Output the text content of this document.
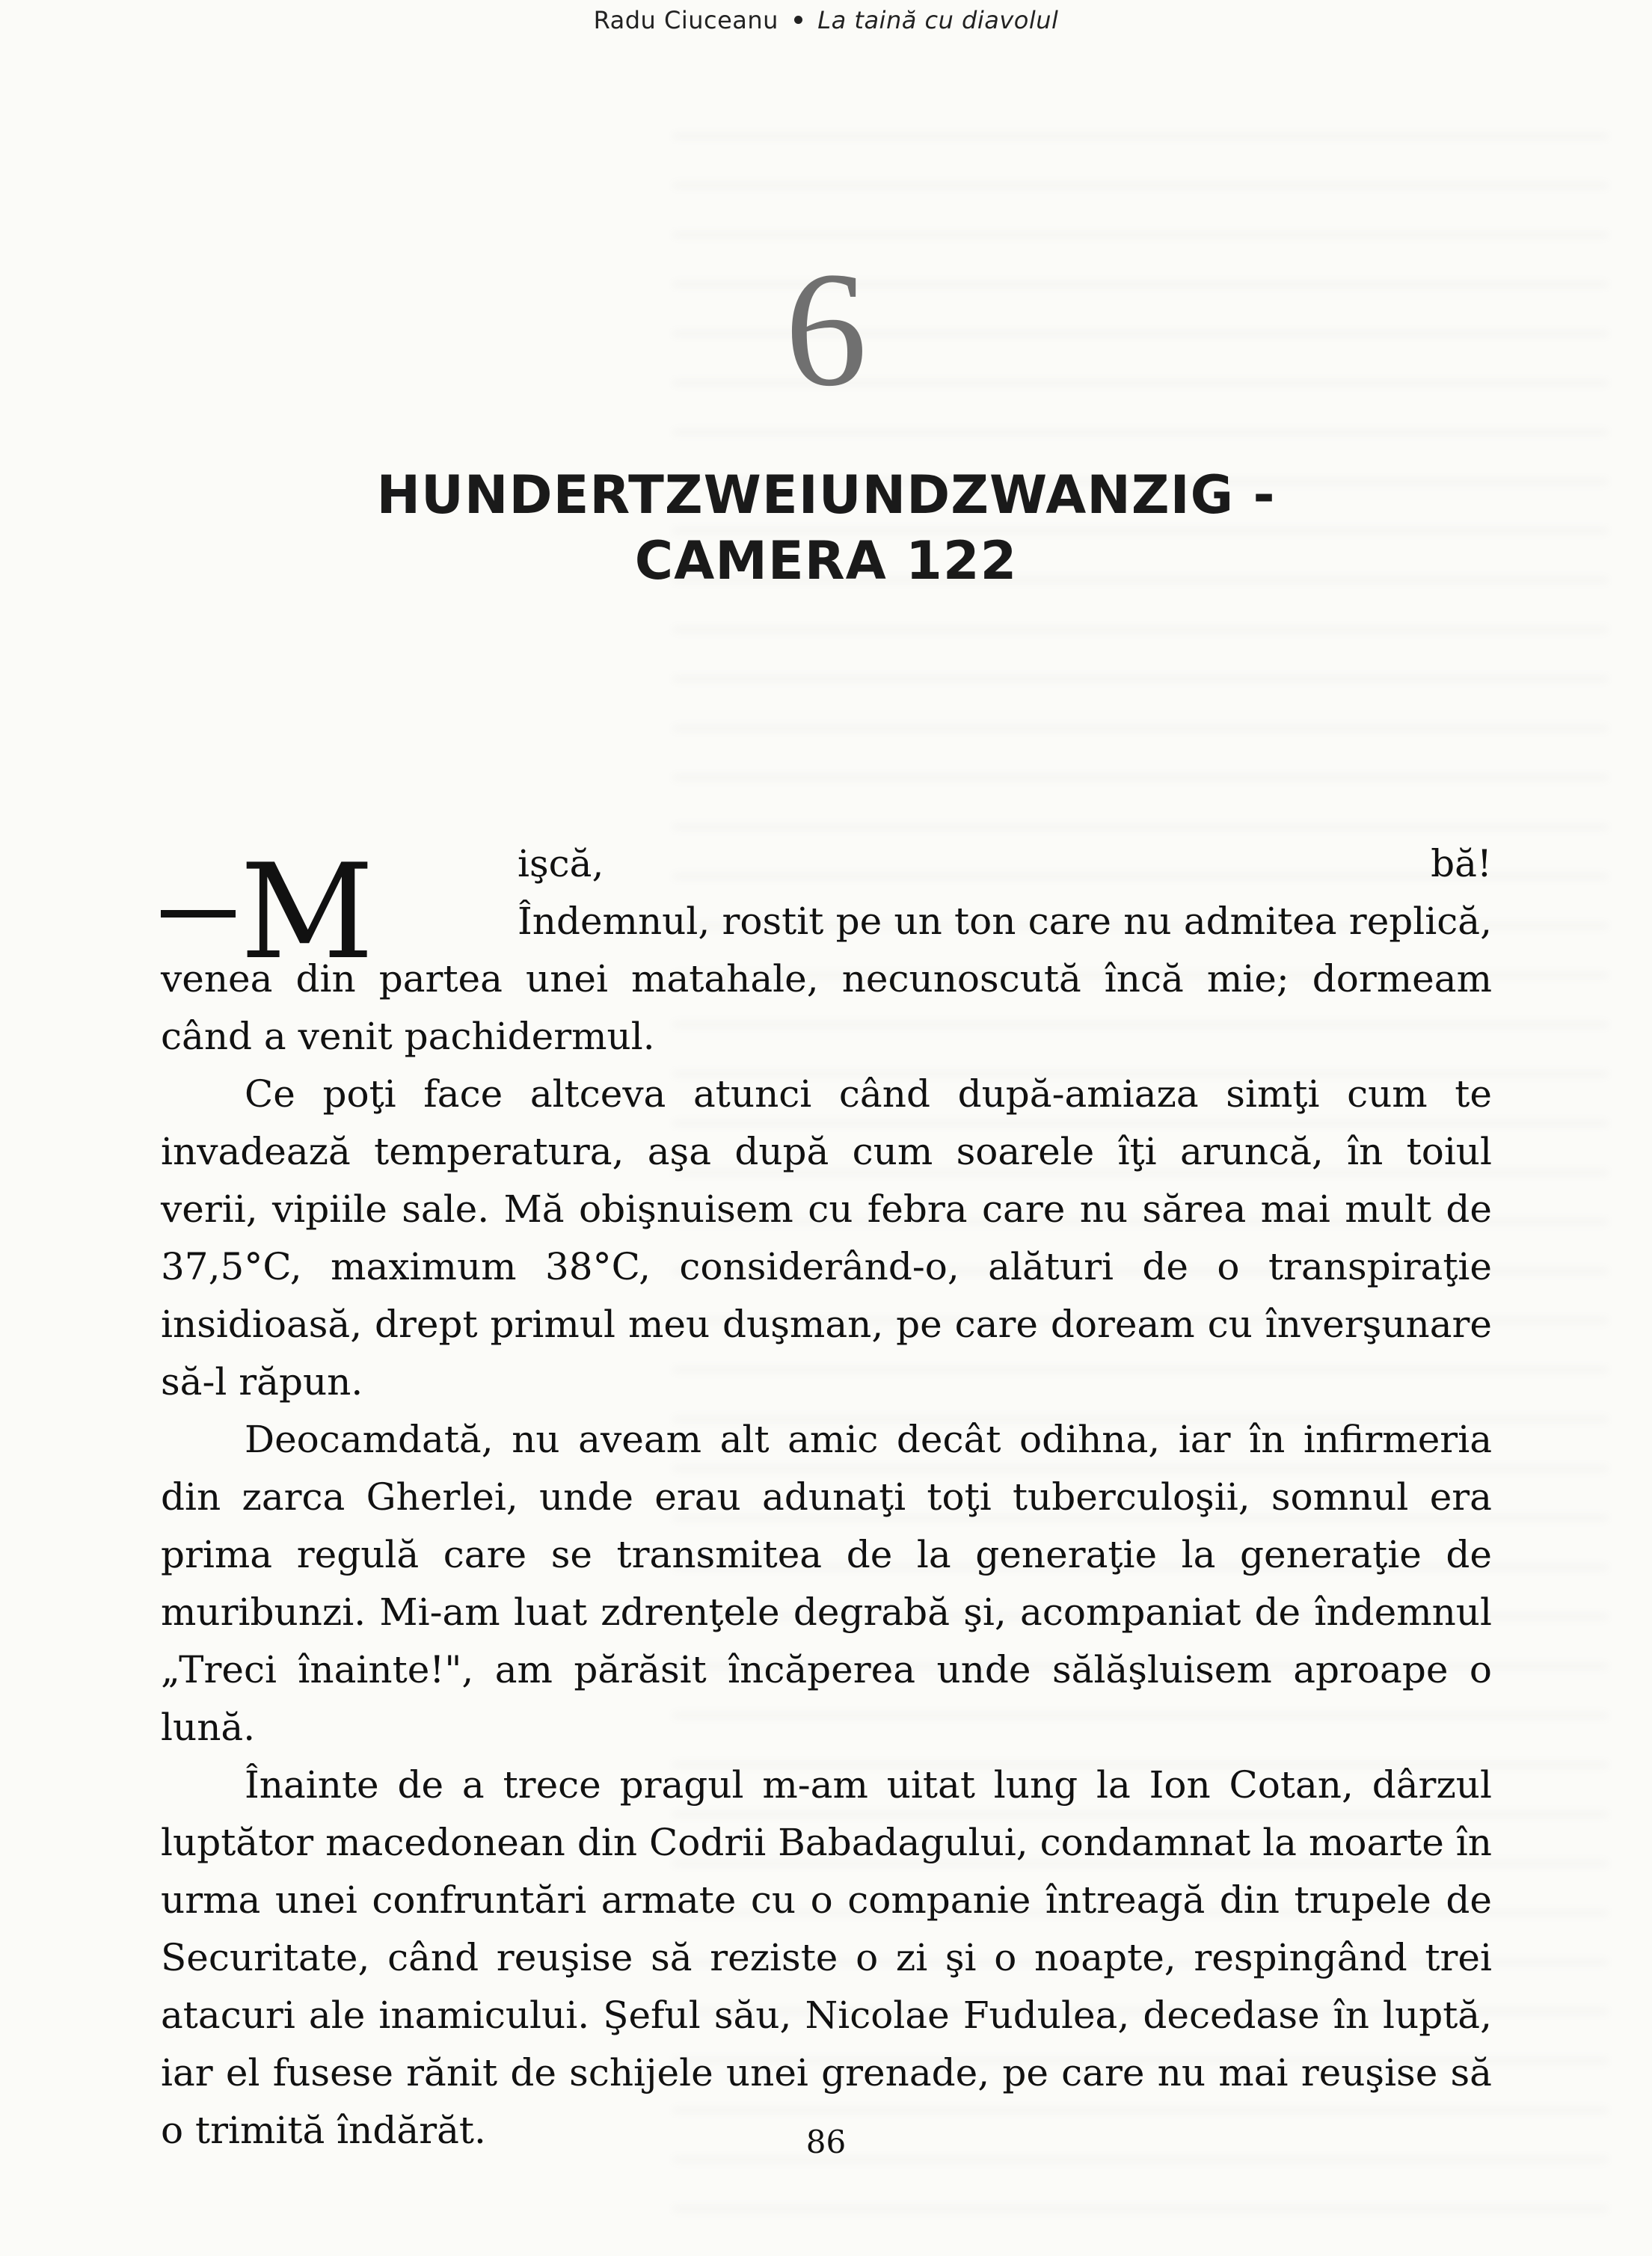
Radu Ciuceanu La taină cu diavolul
6
HUNDERTZWEIUNDZWANZIG -
CAMERA 122
M	işcă, bă!

Îndemnul, rostit pe un ton care nu admitea replică,

venea din partea unei matahale, necunoscută încă mie; dormeam când a venit pachidermul.

Ce poţi face altceva atunci când după-amiaza simţi cum te invadează temperatura, aşa după cum soarele îţi aruncă, în toiul verii, vipiile sale. Mă obişnuisem cu febra care nu sărea mai mult de 37,5°C, maximum 38°C, considerând-o, alături de o transpiraţie insidioasă, drept primul meu duşman, pe care doream cu înverşunare să-l răpun.

Deocamdată, nu aveam alt amic decât odihna, iar în infirmeria din zarca Gherlei, unde erau adunaţi toţi tuberculoşii, somnul era prima regulă care se transmitea de la generaţie la generaţie de muribunzi. Mi-am luat zdrenţele degrabă şi, acompaniat de îndemnul „Treci înainte!", am părăsit încăperea unde sălăşluisem aproape o lună.

Înainte de a trece pragul m-am uitat lung la Ion Cotan, dârzul luptător macedonean din Codrii Babadagului, condamnat la moarte în urma unei confruntări armate cu o companie întreagă din trupele de Securitate, când reuşise să reziste o zi şi o noapte, respingând trei atacuri ale inamicului. Şeful său, Nicolae Fudulea, decedase în luptă, iar el fusese rănit de schijele unei grenade, pe care nu mai reuşise să o trimită îndărăt.	86
